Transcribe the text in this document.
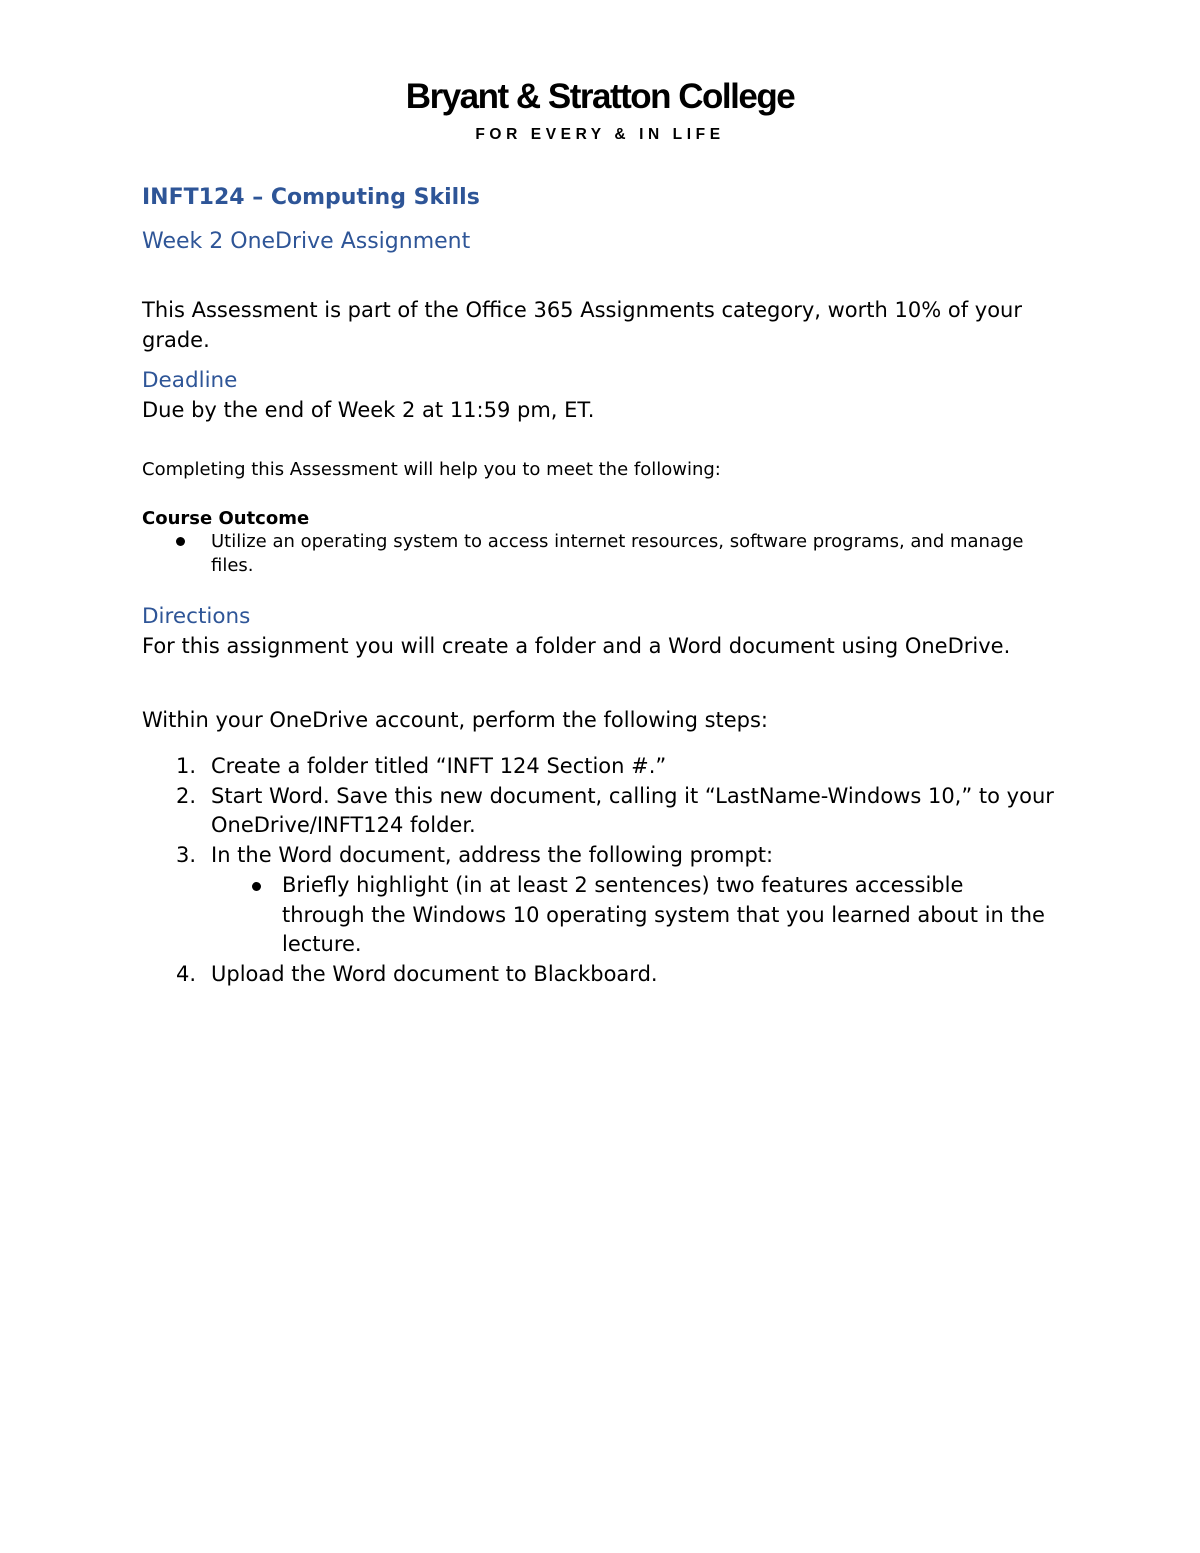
Bryant & Stratton College
FOR EVERY & IN LIFE
INFT124 – Computing Skills
Week 2 OneDrive Assignment
This Assessment is part of the Office 365 Assignments category, worth 10% of your grade.
Deadline
Due by the end of Week 2 at 11:59 pm, ET.
Completing this Assessment will help you to meet the following:
Course Outcome
Utilize an operating system to access internet resources, software programs, and manage files.
Directions
For this assignment you will create a folder and a Word document using OneDrive.
Within your OneDrive account, perform the following steps:
1. Create a folder titled “INFT 124 Section #.”
2. Start Word. Save this new document, calling it “LastName-Windows 10,” to your OneDrive/INFT124 folder.
3. In the Word document, address the following prompt:
Briefly highlight (in at least 2 sentences) two features accessible through the Windows 10 operating system that you learned about in the lecture.
4. Upload the Word document to Blackboard.
